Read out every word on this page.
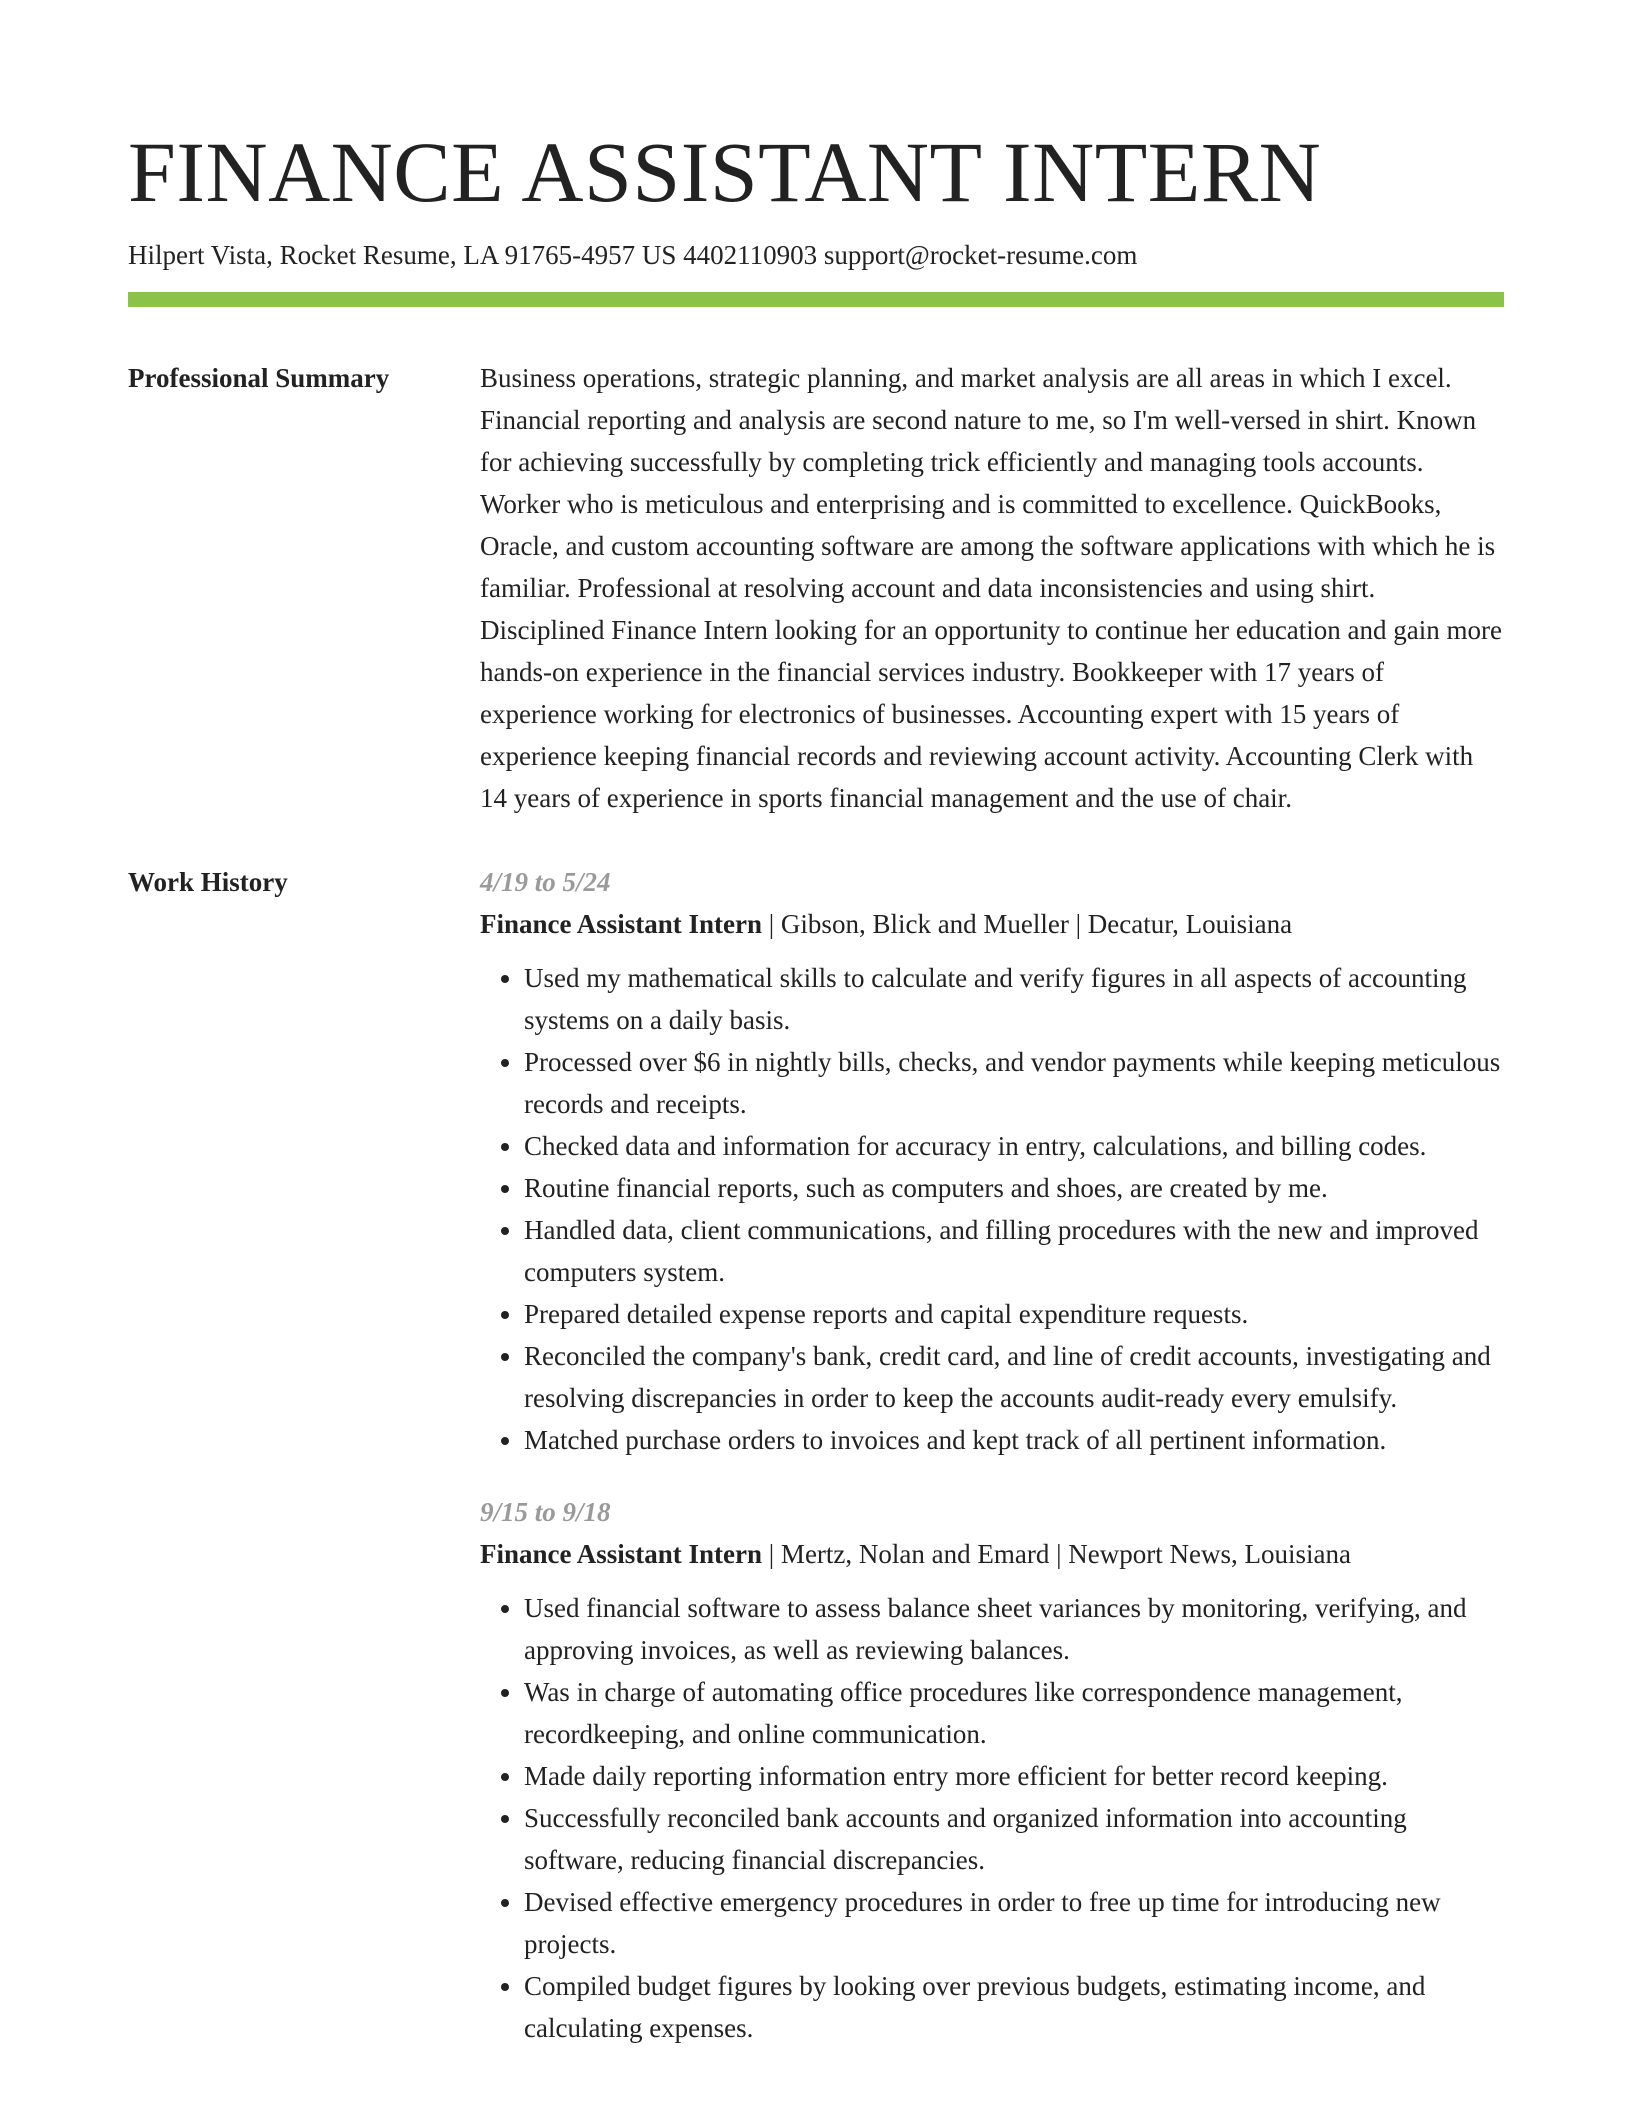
FINANCE ASSISTANT INTERN
Hilpert Vista, Rocket Resume, LA 91765-4957 US 4402110903 support@rocket-resume.com
Professional Summary	Business operations, strategic planning, and market analysis are all areas in which I excel. Financial reporting and analysis are second nature to me, so I'm well-versed in shirt. Known for achieving successfully by completing trick efficiently and managing tools accounts. Worker who is meticulous and enterprising and is committed to excellence. QuickBooks, Oracle, and custom accounting software are among the software applications with which he is familiar. Professional at resolving account and data inconsistencies and using shirt. Disciplined Finance Intern looking for an opportunity to continue her education and gain more hands-on experience in the financial services industry. Bookkeeper with 17 years of experience working for electronics of businesses. Accounting expert with 15 years of experience keeping financial records and reviewing account activity. Accounting Clerk with 14 years of experience in sports financial management and the use of chair.
Work History	4/19 to 5/24
Finance Assistant Intern | Gibson, Blick and Mueller | Decatur, Louisiana
• Used my mathematical skills to calculate and verify figures in all aspects of accounting systems on a daily basis.
• Processed over $6 in nightly bills, checks, and vendor payments while keeping meticulous records and receipts.
• Checked data and information for accuracy in entry, calculations, and billing codes.
• Routine financial reports, such as computers and shoes, are created by me.
• Handled data, client communications, and filling procedures with the new and improved computers system.
• Prepared detailed expense reports and capital expenditure requests.
• Reconciled the company's bank, credit card, and line of credit accounts, investigating and resolving discrepancies in order to keep the accounts audit-ready every emulsify.
• Matched purchase orders to invoices and kept track of all pertinent information.
9/15 to 9/18
Finance Assistant Intern | Mertz, Nolan and Emard | Newport News, Louisiana
• Used financial software to assess balance sheet variances by monitoring, verifying, and approving invoices, as well as reviewing balances.
• Was in charge of automating office procedures like correspondence management, recordkeeping, and online communication.
• Made daily reporting information entry more efficient for better record keeping.
• Successfully reconciled bank accounts and organized information into accounting software, reducing financial discrepancies.
• Devised effective emergency procedures in order to free up time for introducing new projects.
• Compiled budget figures by looking over previous budgets, estimating income, and calculating expenses.
